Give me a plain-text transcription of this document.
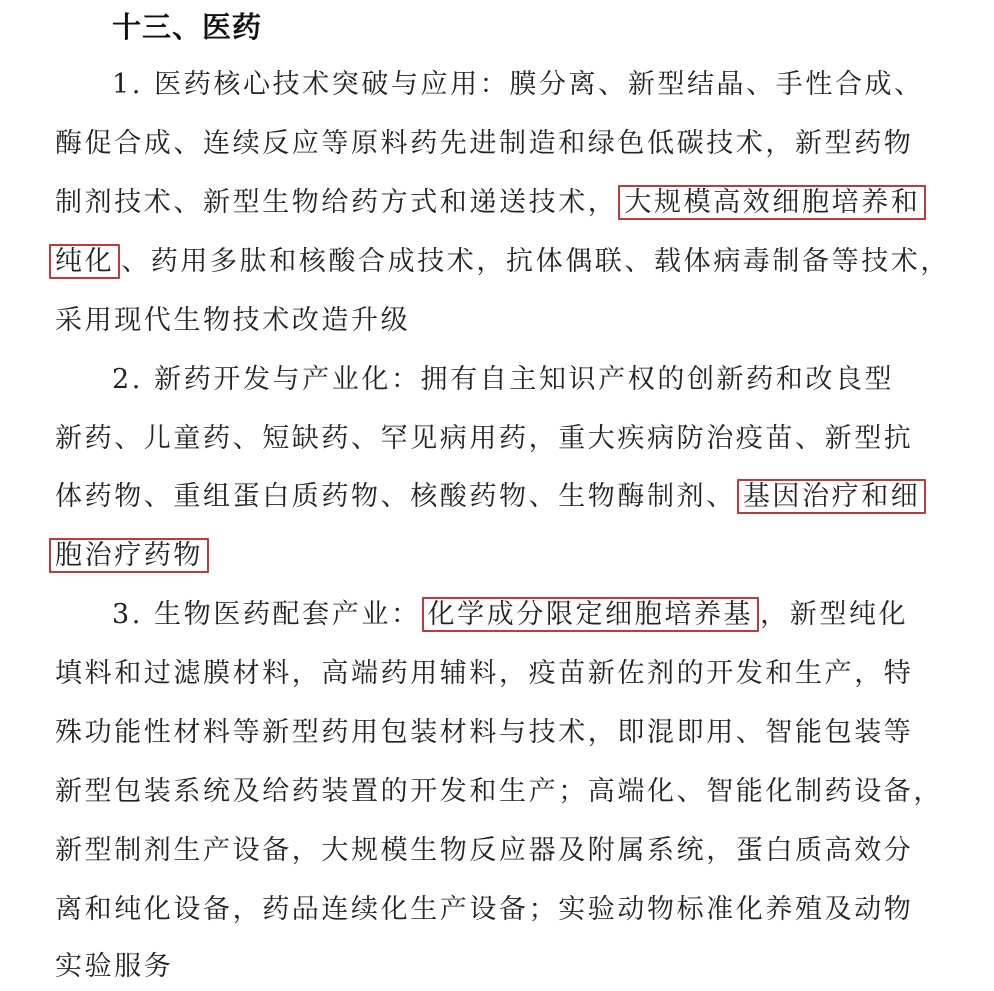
十三、医药
1. 医药核心技术突破与应用：膜分离、新型结晶、手性合成、
酶促合成、连续反应等原料药先进制造和绿色低碳技术，新型药物
制剂技术、新型生物给药方式和递送技术， 大规模高效细胞培养和
纯化 、药用多肽和核酸合成技术，抗体偶联、载体病毒制备等技术，
采用现代生物技术改造升级
2. 新药开发与产业化：拥有自主知识产权的创新药和改良型
新药、儿童药、短缺药、罕见病用药，重大疾病防治疫苗、新型抗
体药物、重组蛋白质药物、核酸药物、生物酶制剂、 基因治疗和细
胞治疗药物
3. 生物医药配套产业： 化学成分限定细胞培养基 ，新型纯化
填料和过滤膜材料，高端药用辅料，疫苗新佐剂的开发和生产，特
殊功能性材料等新型药用包装材料与技术，即混即用、智能包装等
新型包装系统及给药装置的开发和生产；高端化、智能化制药设备，
新型制剂生产设备，大规模生物反应器及附属系统，蛋白质高效分
离和纯化设备，药品连续化生产设备；实验动物标准化养殖及动物
实验服务
